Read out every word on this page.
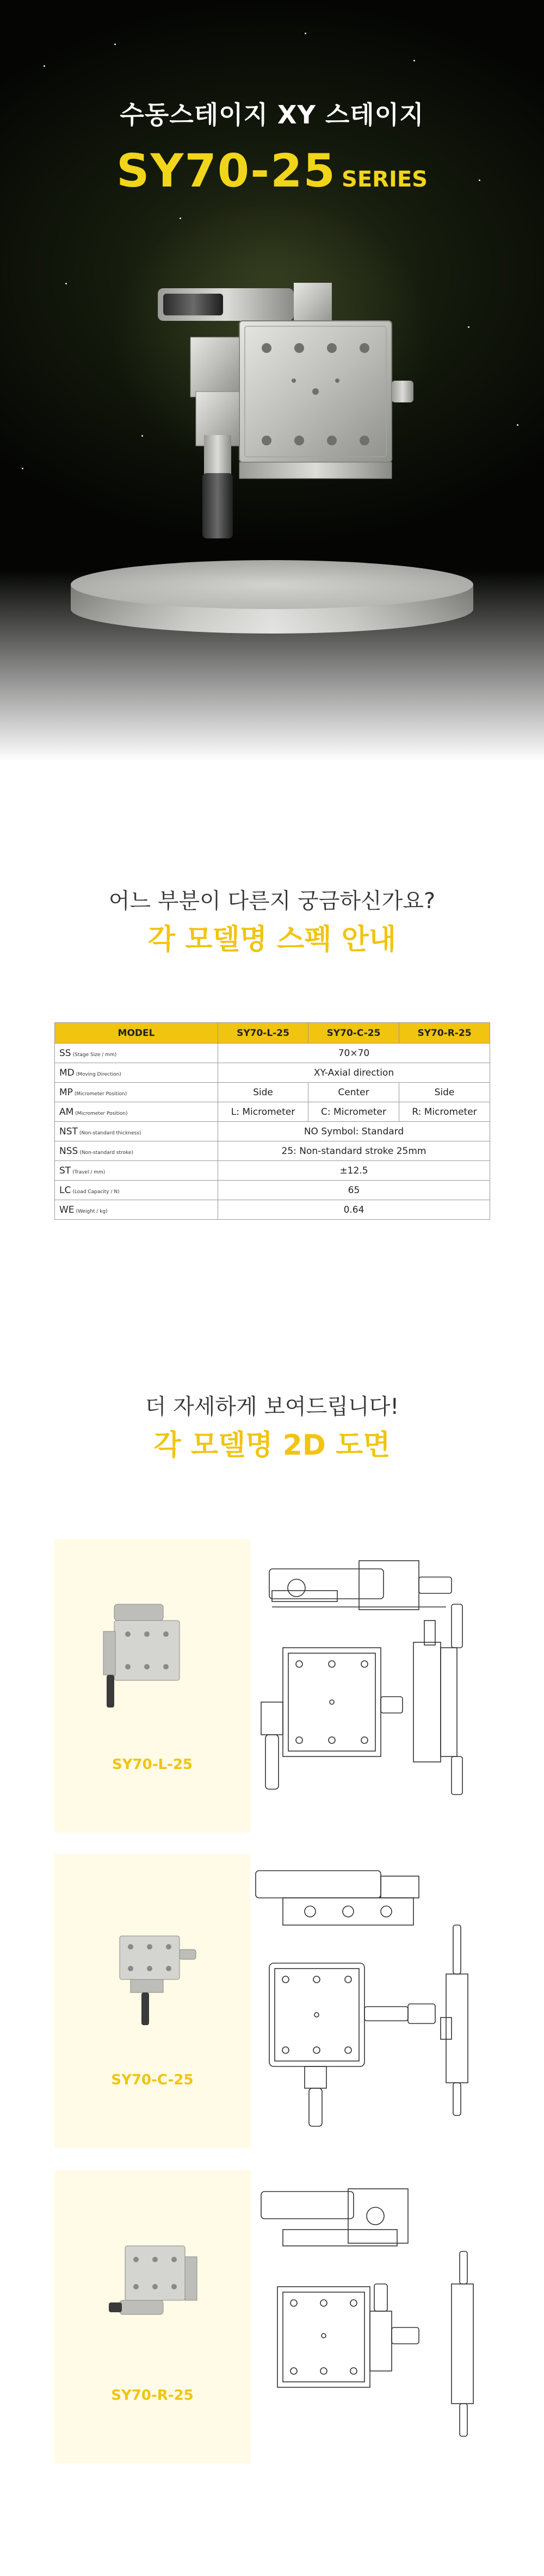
수동스테이지 XY 스테이지
SY70-25 SERIES
어느 부분이 다른지 궁금하신가요?
각 모델명 스펙 안내
MODEL	SY70-L-25	SY70-C-25	SY70-R-25
SS (Stage Size / mm)	70×70		
MD (Moving Direction)	XY-Axial direction		
MP (Micrometer Position)	Side	Center	Side
AM (Micrometer Position)	L: Micrometer	C: Micrometer	R: Micrometer
NST (Non-standard thickness)	NO Symbol: Standard		
NSS (Non-standard stroke)	25: Non-standard stroke 25mm		
ST (Travel / mm)	±12.5		
LC (Load Capacity / N)	65		
WE (Weight / kg)	0.64		
더 자세하게 보여드립니다!
각 모델명 2D 도면
SY70-L-25
SY70-C-25
SY70-R-25
